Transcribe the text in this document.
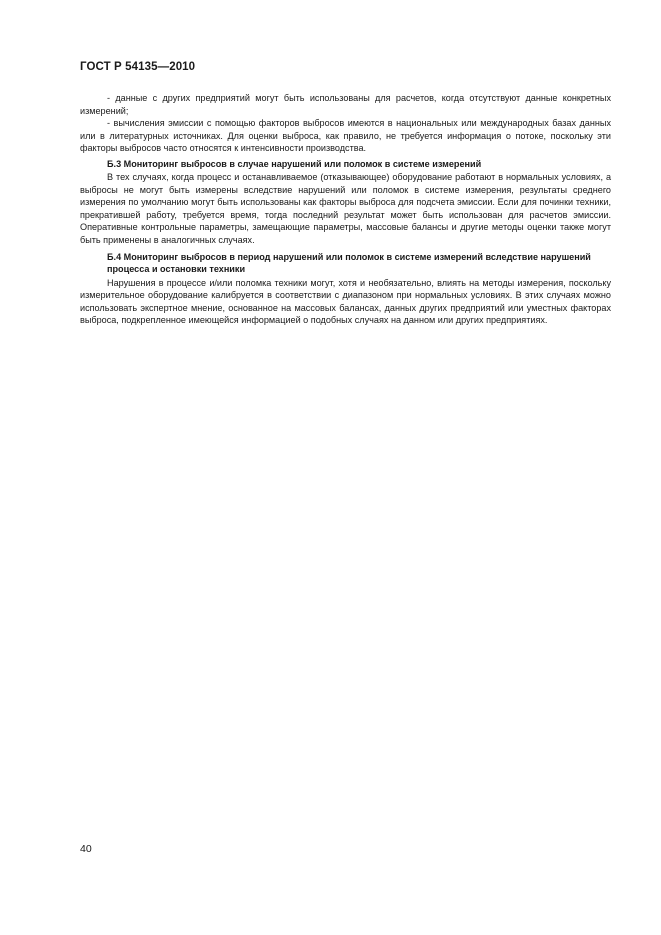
ГОСТ Р 54135—2010

- данные с других предприятий могут быть использованы для расчетов, когда отсутствуют данные конкретных измерений;

- вычисления эмиссии с помощью факторов выбросов имеются в национальных или международных базах данных или в литературных источниках. Для оценки выброса, как правило, не требуется информация о потоке, поскольку эти факторы выбросов часто относятся к интенсивности производства.

Б.3 Мониторинг выбросов в случае нарушений или поломок в системе измерений

В тех случаях, когда процесс и останавливаемое (отказывающее) оборудование работают в нормальных условиях, а выбросы не могут быть измерены вследствие нарушений или поломок в системе измерения, результаты среднего измерения по умолчанию могут быть использованы как факторы выброса для подсчета эмиссии. Если для починки техники, прекратившей работу, требуется время, тогда последний результат может быть использован для расчетов эмиссии. Оперативные контрольные параметры, замещающие параметры, массовые балансы и другие методы оценки также могут быть применены в аналогичных случаях.

Б.4 Мониторинг выбросов в период нарушений или поломок в системе измерений вследствие нарушений процесса и остановки техники

Нарушения в процессе и/или поломка техники могут, хотя и необязательно, влиять на методы измерения, поскольку измерительное оборудование калибруется в соответствии с диапазоном при нормальных условиях. В этих случаях можно использовать экспертное мнение, основанное на массовых балансах, данных других предприятий или уместных факторах выброса, подкрепленное имеющейся информацией о подобных случаях на данном или других предприятиях.

40
